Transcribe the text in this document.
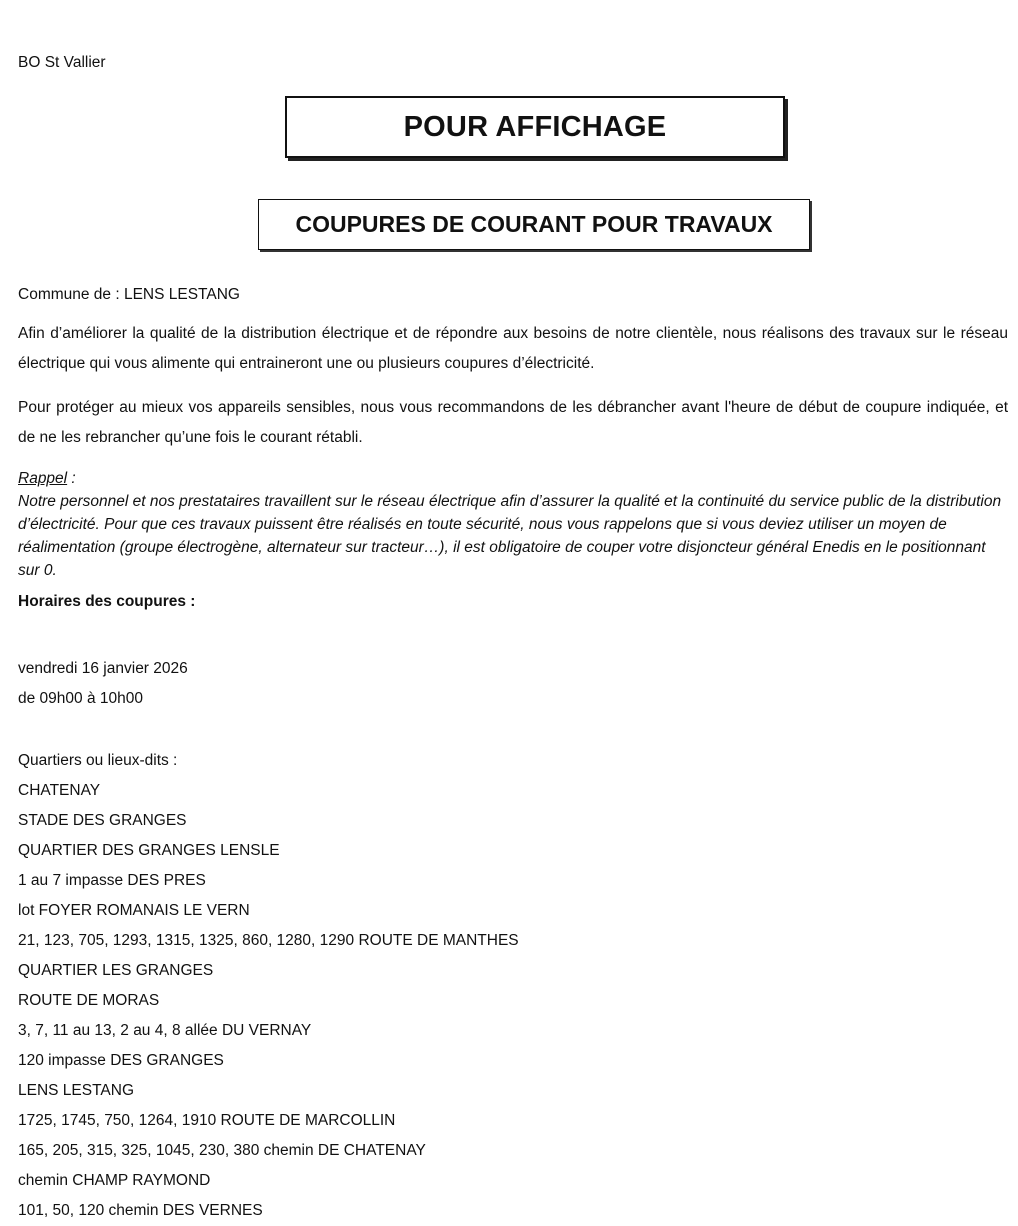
BO St Vallier
POUR AFFICHAGE
COUPURES DE COURANT POUR TRAVAUX
Commune de : LENS LESTANG

Afin d’améliorer la qualité de la distribution électrique et de répondre aux besoins de notre clientèle, nous réalisons des travaux sur le réseau électrique qui vous alimente qui entraineront une ou plusieurs coupures d’électricité.

Pour protéger au mieux vos appareils sensibles, nous vous recommandons de les débrancher avant l'heure de début de coupure indiquée, et de ne les rebrancher qu’une fois le courant rétabli.

Rappel :
Notre personnel et nos prestataires travaillent sur le réseau électrique afin d’assurer la qualité et la continuité du service public de la distribution d’électricité. Pour que ces travaux puissent être réalisés en toute sécurité, nous vous rappelons que si vous deviez utiliser un moyen de réalimentation (groupe électrogène, alternateur sur tracteur…), il est obligatoire de couper votre disjoncteur général Enedis en le positionnant sur 0.
Horaires des coupures :
vendredi 16 janvier 2026
de 09h00 à 10h00
Quartiers ou lieux-dits :
CHATENAY
STADE DES GRANGES
QUARTIER DES GRANGES LENSLE
1 au 7 impasse DES PRES
lot FOYER ROMANAIS LE VERN
21, 123, 705, 1293, 1315, 1325, 860, 1280, 1290 ROUTE DE MANTHES
QUARTIER LES GRANGES
ROUTE DE MORAS
3, 7, 11 au 13, 2 au 4, 8 allée DU VERNAY
120 impasse DES GRANGES
LENS LESTANG
1725, 1745, 750, 1264, 1910 ROUTE DE MARCOLLIN
165, 205, 315, 325, 1045, 230, 380 chemin DE CHATENAY
chemin CHAMP RAYMOND
101, 50, 120 chemin DES VERNES
